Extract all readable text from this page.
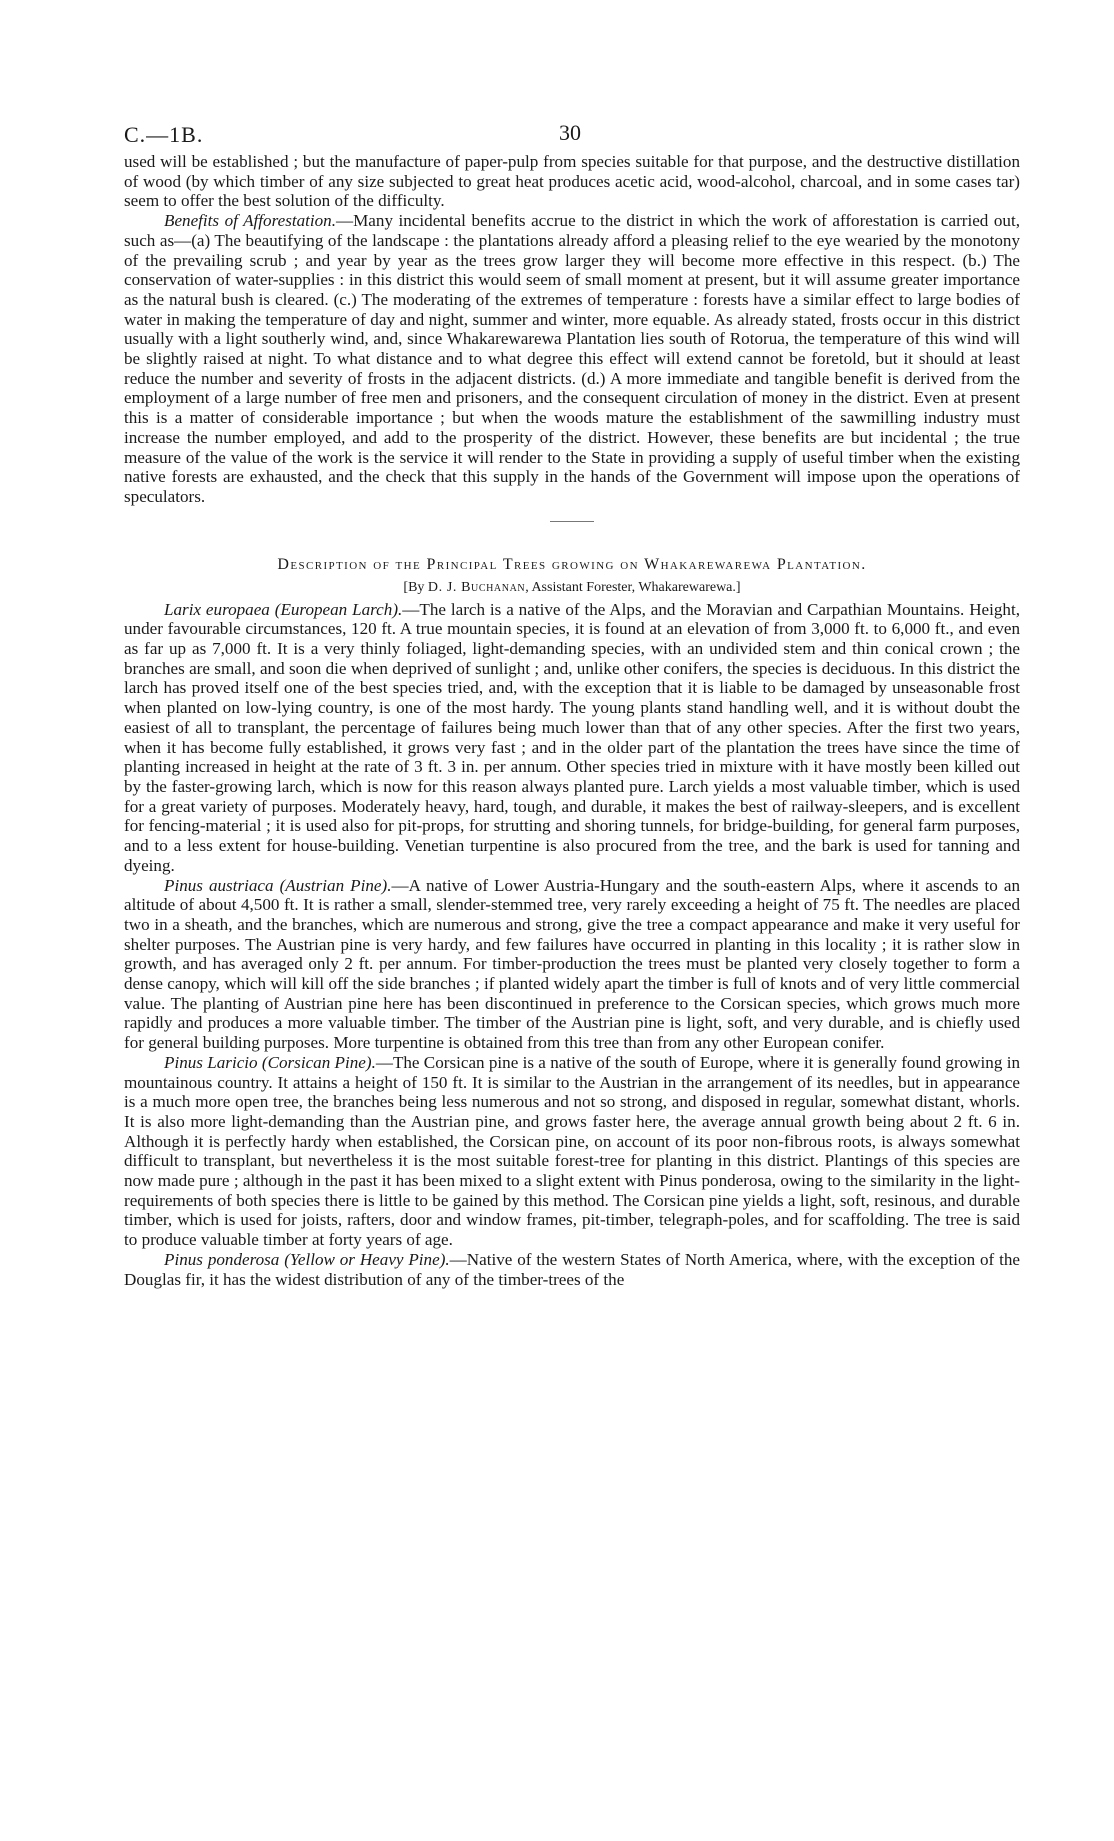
C.—1B.	30

used will be established ; but the manufacture of paper-pulp from species suitable for that purpose, and the destructive distillation of wood (by which timber of any size subjected to great heat produces acetic acid, wood-alcohol, charcoal, and in some cases tar) seem to offer the best solution of the difficulty.

Benefits of Afforestation.—Many incidental benefits accrue to the district in which the work of afforestation is carried out, such as—(a) The beautifying of the landscape : the plantations already afford a pleasing relief to the eye wearied by the monotony of the prevailing scrub ; and year by year as the trees grow larger they will become more effective in this respect. (b.) The conservation of water-supplies : in this district this would seem of small moment at present, but it will assume greater importance as the natural bush is cleared. (c.) The moderating of the extremes of temperature : forests have a similar effect to large bodies of water in making the temperature of day and night, summer and winter, more equable. As already stated, frosts occur in this district usually with a light southerly wind, and, since Whakarewarewa Plantation lies south of Rotorua, the temperature of this wind will be slightly raised at night. To what distance and to what degree this effect will extend cannot be foretold, but it should at least reduce the number and severity of frosts in the adjacent districts. (d.) A more immediate and tangible benefit is derived from the employment of a large number of free men and prisoners, and the consequent circulation of money in the district. Even at present this is a matter of considerable importance ; but when the woods mature the establishment of the sawmilling industry must increase the number employed, and add to the prosperity of the district. However, these benefits are but incidental ; the true measure of the value of the work is the service it will render to the State in providing a supply of useful timber when the existing native forests are exhausted, and the check that this supply in the hands of the Government will impose upon the operations of speculators.

Description of the Principal Trees growing on Whakarewarewa Plantation.
[By D. J. Buchanan, Assistant Forester, Whakarewarewa.]

Larix europaea (European Larch).—The larch is a native of the Alps, and the Moravian and Carpathian Mountains. Height, under favourable circumstances, 120 ft. A true mountain species, it is found at an elevation of from 3,000 ft. to 6,000 ft., and even as far up as 7,000 ft. It is a very thinly foliaged, light-demanding species, with an undivided stem and thin conical crown ; the branches are small, and soon die when deprived of sunlight ; and, unlike other conifers, the species is deciduous. In this district the larch has proved itself one of the best species tried, and, with the exception that it is liable to be damaged by unseasonable frost when planted on low-lying country, is one of the most hardy. The young plants stand handling well, and it is without doubt the easiest of all to transplant, the percentage of failures being much lower than that of any other species. After the first two years, when it has become fully established, it grows very fast ; and in the older part of the plantation the trees have since the time of planting increased in height at the rate of 3 ft. 3 in. per annum. Other species tried in mixture with it have mostly been killed out by the faster-growing larch, which is now for this reason always planted pure. Larch yields a most valuable timber, which is used for a great variety of purposes. Moderately heavy, hard, tough, and durable, it makes the best of railway-sleepers, and is excellent for fencing-material ; it is used also for pit-props, for strutting and shoring tunnels, for bridge-building, for general farm purposes, and to a less extent for house-building. Venetian turpentine is also procured from the tree, and the bark is used for tanning and dyeing.

Pinus austriaca (Austrian Pine).—A native of Lower Austria-Hungary and the south-eastern Alps, where it ascends to an altitude of about 4,500 ft. It is rather a small, slender-stemmed tree, very rarely exceeding a height of 75 ft. The needles are placed two in a sheath, and the branches, which are numerous and strong, give the tree a compact appearance and make it very useful for shelter purposes. The Austrian pine is very hardy, and few failures have occurred in planting in this locality ; it is rather slow in growth, and has averaged only 2 ft. per annum. For timber-production the trees must be planted very closely together to form a dense canopy, which will kill off the side branches ; if planted widely apart the timber is full of knots and of very little commercial value. The planting of Austrian pine here has been discontinued in preference to the Corsican species, which grows much more rapidly and produces a more valuable timber. The timber of the Austrian pine is light, soft, and very durable, and is chiefly used for general building purposes. More turpentine is obtained from this tree than from any other European conifer.

Pinus Laricio (Corsican Pine).—The Corsican pine is a native of the south of Europe, where it is generally found growing in mountainous country. It attains a height of 150 ft. It is similar to the Austrian in the arrangement of its needles, but in appearance is a much more open tree, the branches being less numerous and not so strong, and disposed in regular, somewhat distant, whorls. It is also more light-demanding than the Austrian pine, and grows faster here, the average annual growth being about 2 ft. 6 in. Although it is perfectly hardy when established, the Corsican pine, on account of its poor non-fibrous roots, is always somewhat difficult to transplant, but nevertheless it is the most suitable forest-tree for planting in this district. Plantings of this species are now made pure ; although in the past it has been mixed to a slight extent with Pinus ponderosa, owing to the similarity in the light-requirements of both species there is little to be gained by this method. The Corsican pine yields a light, soft, resinous, and durable timber, which is used for joists, rafters, door and window frames, pit-timber, telegraph-poles, and for scaffolding. The tree is said to produce valuable timber at forty years of age.

Pinus ponderosa (Yellow or Heavy Pine).—Native of the western States of North America, where, with the exception of the Douglas fir, it has the widest distribution of any of the timber-trees of the
